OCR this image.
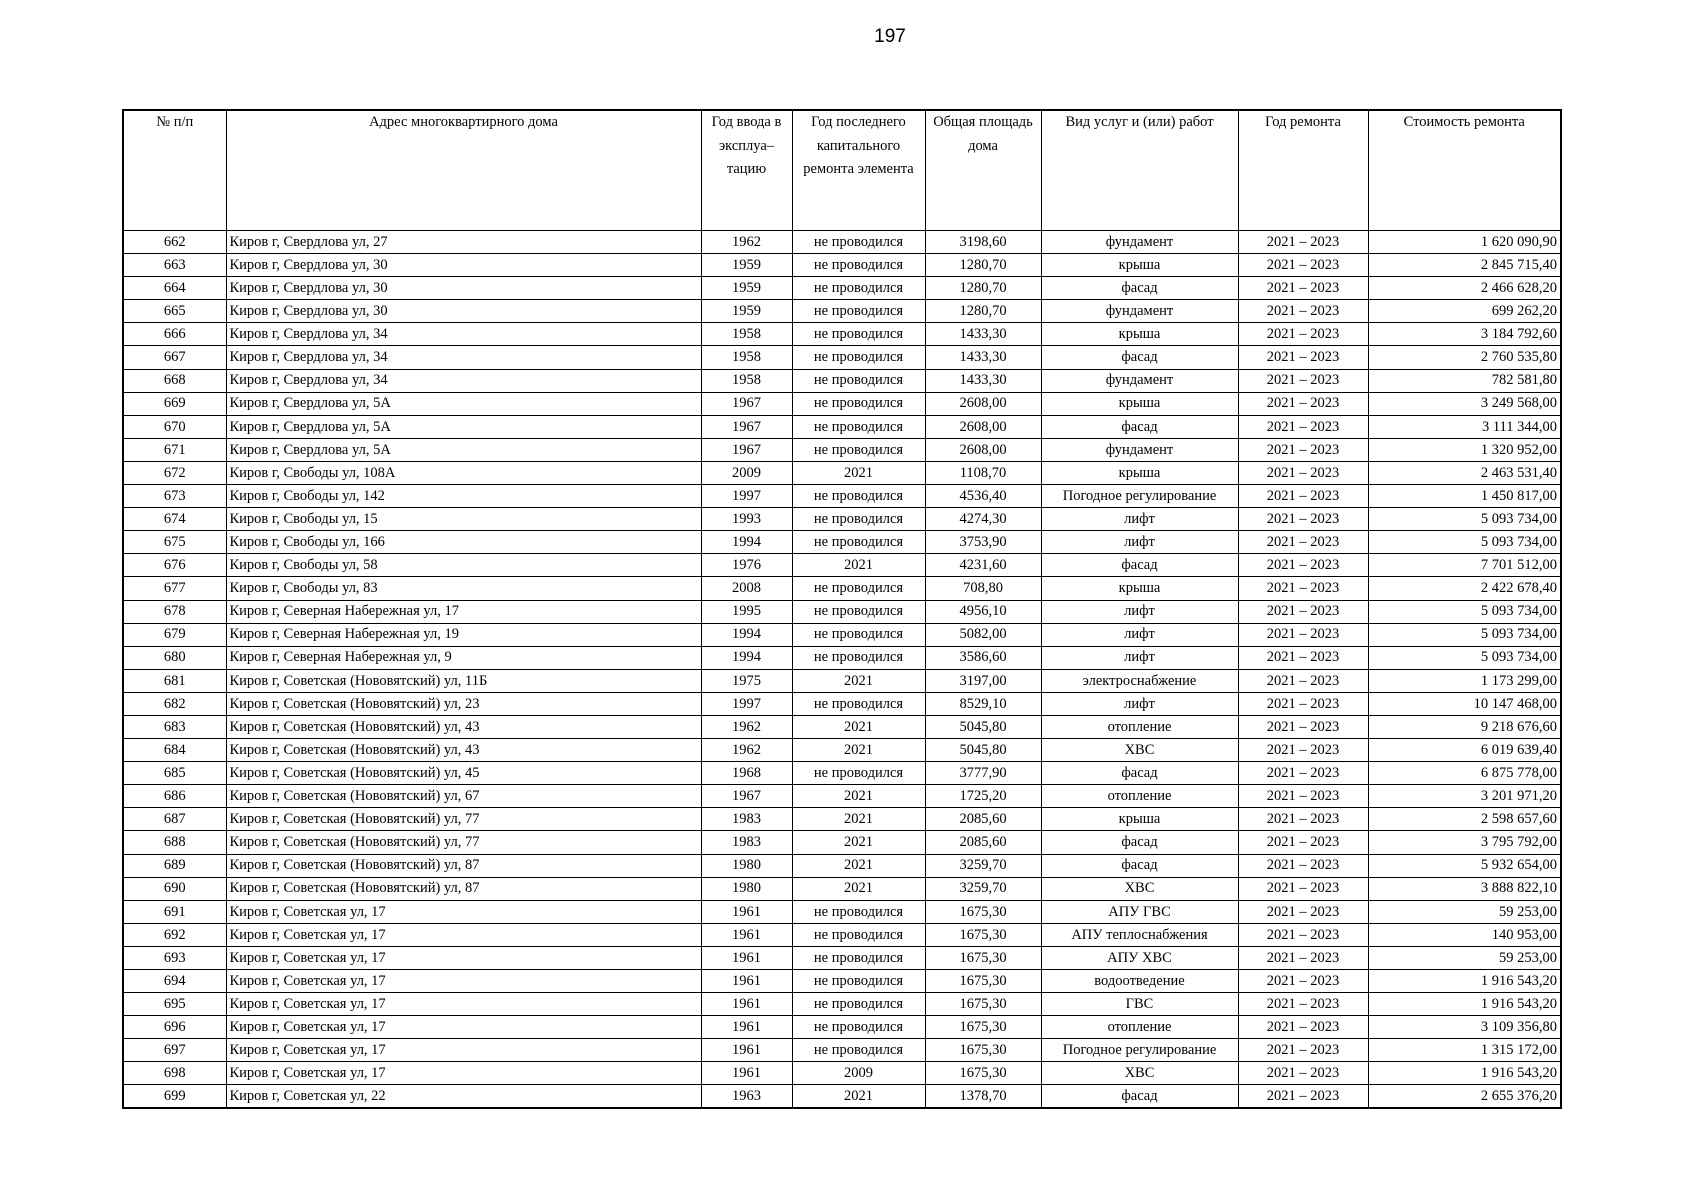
197
№ п/п	Адрес многоквартирного дома	Год ввода в эксплуа–тацию	Год последнего капитального ремонта элемента	Общая площадь дома	Вид услуг и (или) работ	Год ремонта	Стоимость ремонта
662	Киров г, Свердлова ул, 27	1962	не проводился	3198,60	фундамент	2021 – 2023	1 620 090,90
663	Киров г, Свердлова ул, 30	1959	не проводился	1280,70	крыша	2021 – 2023	2 845 715,40
664	Киров г, Свердлова ул, 30	1959	не проводился	1280,70	фасад	2021 – 2023	2 466 628,20
665	Киров г, Свердлова ул, 30	1959	не проводился	1280,70	фундамент	2021 – 2023	699 262,20
666	Киров г, Свердлова ул, 34	1958	не проводился	1433,30	крыша	2021 – 2023	3 184 792,60
667	Киров г, Свердлова ул, 34	1958	не проводился	1433,30	фасад	2021 – 2023	2 760 535,80
668	Киров г, Свердлова ул, 34	1958	не проводился	1433,30	фундамент	2021 – 2023	782 581,80
669	Киров г, Свердлова ул, 5А	1967	не проводился	2608,00	крыша	2021 – 2023	3 249 568,00
670	Киров г, Свердлова ул, 5А	1967	не проводился	2608,00	фасад	2021 – 2023	3 111 344,00
671	Киров г, Свердлова ул, 5А	1967	не проводился	2608,00	фундамент	2021 – 2023	1 320 952,00
672	Киров г, Свободы ул, 108А	2009	2021	1108,70	крыша	2021 – 2023	2 463 531,40
673	Киров г, Свободы ул, 142	1997	не проводился	4536,40	Погодное регулирование	2021 – 2023	1 450 817,00
674	Киров г, Свободы ул, 15	1993	не проводился	4274,30	лифт	2021 – 2023	5 093 734,00
675	Киров г, Свободы ул, 166	1994	не проводился	3753,90	лифт	2021 – 2023	5 093 734,00
676	Киров г, Свободы ул, 58	1976	2021	4231,60	фасад	2021 – 2023	7 701 512,00
677	Киров г, Свободы ул, 83	2008	не проводился	708,80	крыша	2021 – 2023	2 422 678,40
678	Киров г, Северная Набережная ул, 17	1995	не проводился	4956,10	лифт	2021 – 2023	5 093 734,00
679	Киров г, Северная Набережная ул, 19	1994	не проводился	5082,00	лифт	2021 – 2023	5 093 734,00
680	Киров г, Северная Набережная ул, 9	1994	не проводился	3586,60	лифт	2021 – 2023	5 093 734,00
681	Киров г, Советская (Нововятский) ул, 11Б	1975	2021	3197,00	электроснабжение	2021 – 2023	1 173 299,00
682	Киров г, Советская (Нововятский) ул, 23	1997	не проводился	8529,10	лифт	2021 – 2023	10 147 468,00
683	Киров г, Советская (Нововятский) ул, 43	1962	2021	5045,80	отопление	2021 – 2023	9 218 676,60
684	Киров г, Советская (Нововятский) ул, 43	1962	2021	5045,80	ХВС	2021 – 2023	6 019 639,40
685	Киров г, Советская (Нововятский) ул, 45	1968	не проводился	3777,90	фасад	2021 – 2023	6 875 778,00
686	Киров г, Советская (Нововятский) ул, 67	1967	2021	1725,20	отопление	2021 – 2023	3 201 971,20
687	Киров г, Советская (Нововятский) ул, 77	1983	2021	2085,60	крыша	2021 – 2023	2 598 657,60
688	Киров г, Советская (Нововятский) ул, 77	1983	2021	2085,60	фасад	2021 – 2023	3 795 792,00
689	Киров г, Советская (Нововятский) ул, 87	1980	2021	3259,70	фасад	2021 – 2023	5 932 654,00
690	Киров г, Советская (Нововятский) ул, 87	1980	2021	3259,70	ХВС	2021 – 2023	3 888 822,10
691	Киров г, Советская ул, 17	1961	не проводился	1675,30	АПУ ГВС	2021 – 2023	59 253,00
692	Киров г, Советская ул, 17	1961	не проводился	1675,30	АПУ теплоснабжения	2021 – 2023	140 953,00
693	Киров г, Советская ул, 17	1961	не проводился	1675,30	АПУ ХВС	2021 – 2023	59 253,00
694	Киров г, Советская ул, 17	1961	не проводился	1675,30	водоотведение	2021 – 2023	1 916 543,20
695	Киров г, Советская ул, 17	1961	не проводился	1675,30	ГВС	2021 – 2023	1 916 543,20
696	Киров г, Советская ул, 17	1961	не проводился	1675,30	отопление	2021 – 2023	3 109 356,80
697	Киров г, Советская ул, 17	1961	не проводился	1675,30	Погодное регулирование	2021 – 2023	1 315 172,00
698	Киров г, Советская ул, 17	1961	2009	1675,30	ХВС	2021 – 2023	1 916 543,20
699	Киров г, Советская ул, 22	1963	2021	1378,70	фасад	2021 – 2023	2 655 376,20
